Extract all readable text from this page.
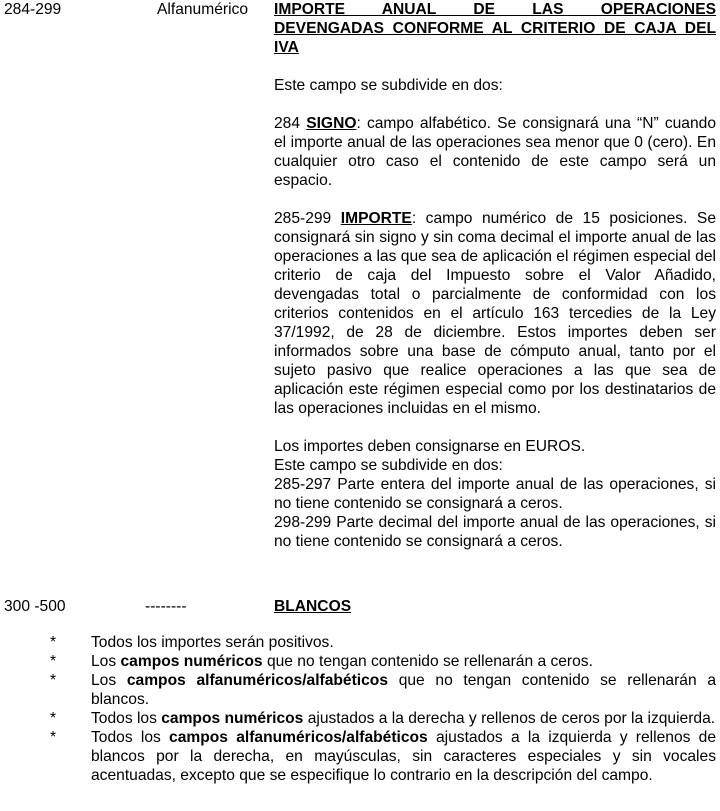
284-299	Alfanumérico IMPORTE ANUAL DE LAS OPERACIONES
DEVENGADAS CONFORME AL CRITERIO DE CAJA DEL
IVA

Este campo se subdivide en dos:

284 SIGNO: campo alfabético. Se consignará una “N” cuando el importe anual de las operaciones sea menor que 0 (cero). En cualquier otro caso el contenido de este campo será un espacio.

285-299 IMPORTE: campo numérico de 15 posiciones. Se consignará sin signo y sin coma decimal el importe anual de las operaciones a las que sea de aplicación el régimen especial del criterio de caja del Impuesto sobre el Valor Añadido, devengadas total o parcialmente de conformidad con los criterios contenidos en el artículo 163 tercedies de la Ley 37/1992, de 28 de diciembre. Estos importes deben ser informados sobre una base de cómputo anual, tanto por el sujeto pasivo que realice operaciones a las que sea de aplicación este régimen especial como por los destinatarios de las operaciones incluidas en el mismo.

Los importes deben consignarse en EUROS.

Este campo se subdivide en dos:

285-297 Parte entera del importe anual de las operaciones, si no tiene contenido se consignará a ceros.

298-299 Parte decimal del importe anual de las operaciones, si no tiene contenido se consignará a ceros.

300 -500	--------	BLANCOS
* Todos los importes serán positivos.
* Los campos numéricos que no tengan contenido se rellenarán a ceros.
* Los campos alfanuméricos/alfabéticos que no tengan contenido se rellenarán a blancos.
* Todos los campos numéricos ajustados a la derecha y rellenos de ceros por la izquierda.
* Todos los campos alfanuméricos/alfabéticos ajustados a la izquierda y rellenos de blancos por la derecha, en mayúsculas, sin caracteres especiales y sin vocales acentuadas, excepto que se especifique lo contrario en la descripción del campo.
